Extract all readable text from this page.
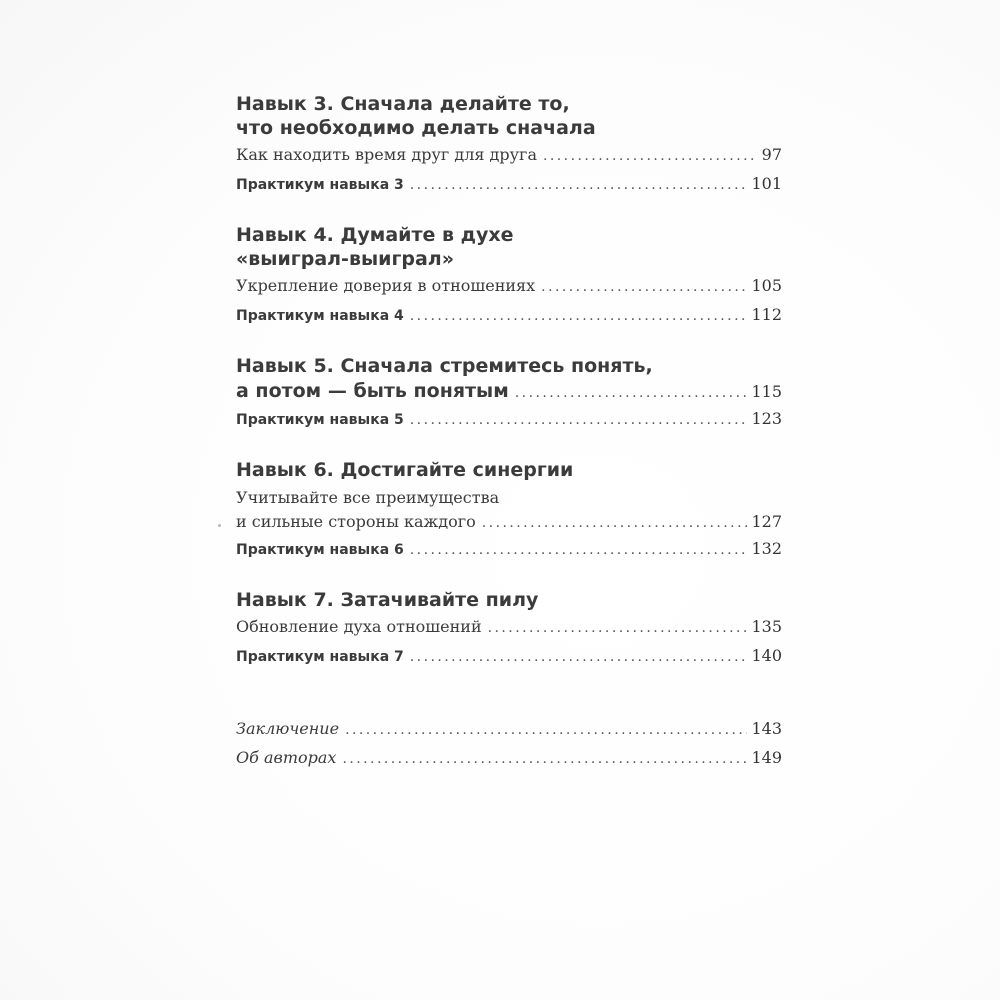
Навык 3. Сначала делайте то,
что необходимо делать сначала
Как находить время друг для друга . . .	97
Практикум навыка 3 . . .	101
Навык 4. Думайте в духе
«выиграл-выиграл»
Укрепление доверия в отношениях . . .	105
Практикум навыка 4 . . .	112
Навык 5. Сначала стремитесь понять,
а потом — быть понятым . . .	115
Практикум навыка 5 . . .	123
Навык 6. Достигайте синергии
Учитывайте все преимущества
и сильные стороны каждого . . .	127
Практикум навыка 6 . . .	132
Навык 7. Затачивайте пилу
Обновление духа отношений . . .	135
Практикум навыка 7 . . .	140
Заключение . . .	143
Об авторах . . .	149
